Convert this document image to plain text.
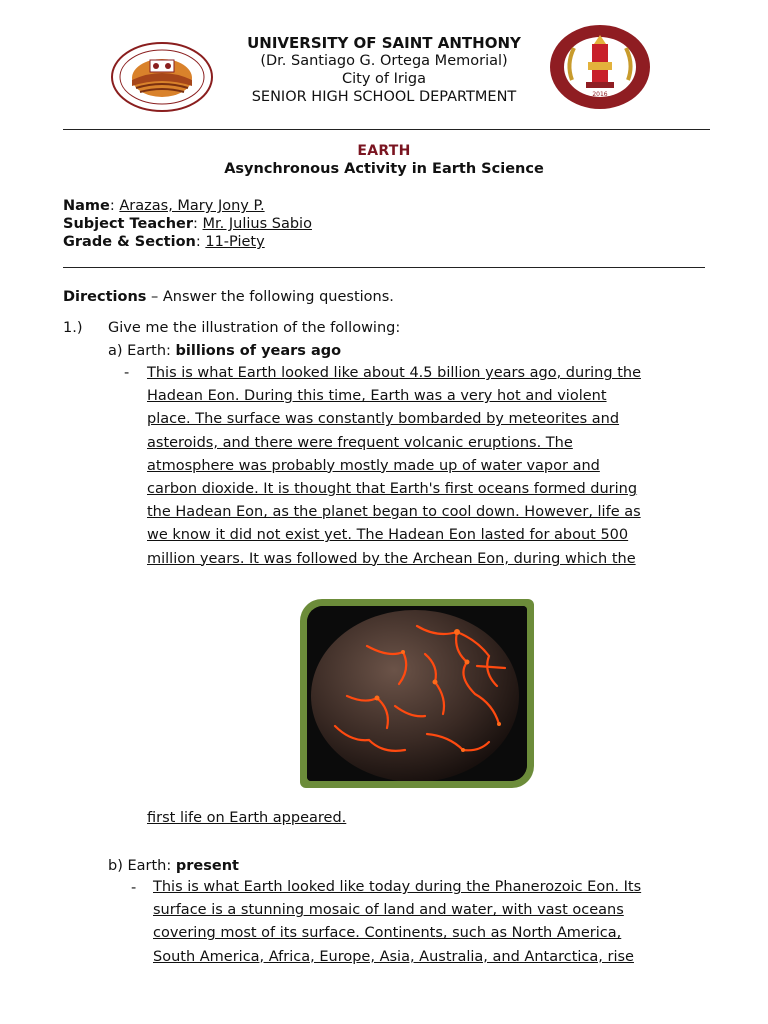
2016
UNIVERSITY OF SAINT ANTHONY
(Dr. Santiago G. Ortega Memorial)
City of Iriga
SENIOR HIGH SCHOOL DEPARTMENT
EARTH
Asynchronous Activity in Earth Science
Name: Arazas, Mary Jony P.
Subject Teacher: Mr. Julius Sabio
Grade & Section: 11-Piety
Directions – Answer the following questions.
1.) Give me the illustration of the following:
a) Earth: billions of years ago
- This is what Earth looked like about 4.5 billion years ago, during the
Hadean Eon. During this time, Earth was a very hot and violent
place. The surface was constantly bombarded by meteorites and
asteroids, and there were frequent volcanic eruptions. The
atmosphere was probably mostly made up of water vapor and
carbon dioxide. It is thought that Earth's first oceans formed during
the Hadean Eon, as the planet began to cool down. However, life as
we know it did not exist yet. The Hadean Eon lasted for about 500
million years. It was followed by the Archean Eon, during which the
first life on Earth appeared.
b) Earth: present
- This is what Earth looked like today during the Phanerozoic Eon. Its
surface is a stunning mosaic of land and water, with vast oceans
covering most of its surface. Continents, such as North America,
South America, Africa, Europe, Asia, Australia, and Antarctica, rise
